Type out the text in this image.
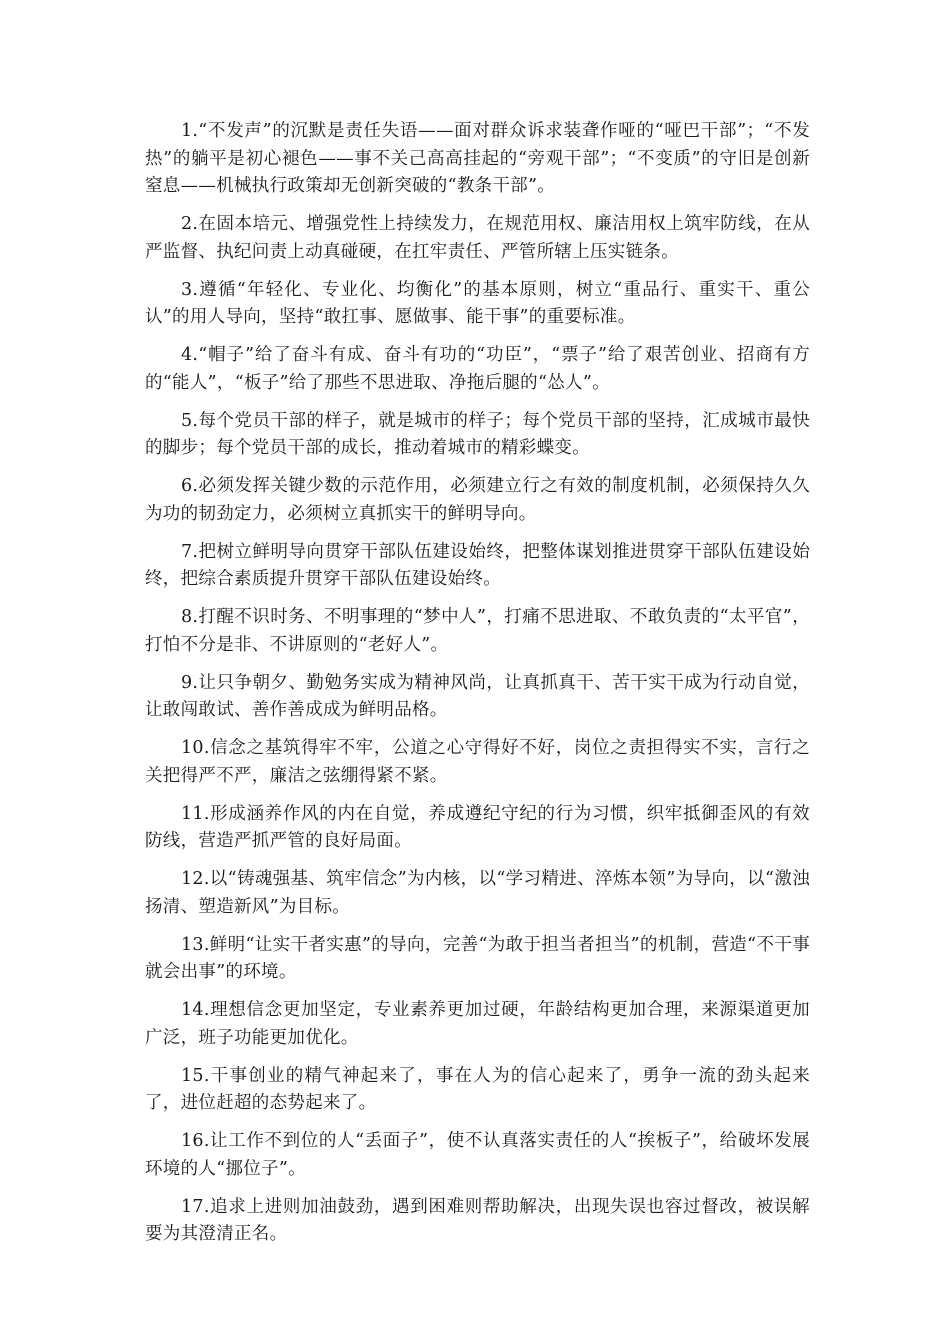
1.“不发声”的沉默是责任失语——面对群众诉求装聋作哑的“哑巴干部”；“不发热”的躺平是初心褪色——事不关己高高挂起的“旁观干部”；“不变质”的守旧是创新窒息——机械执行政策却无创新突破的“教条干部”。

2.在固本培元、增强党性上持续发力，在规范用权、廉洁用权上筑牢防线，在从严监督、执纪问责上动真碰硬，在扛牢责任、严管所辖上压实链条。

3.遵循“年轻化、专业化、均衡化”的基本原则，树立“重品行、重实干、重公认”的用人导向，坚持“敢扛事、愿做事、能干事”的重要标准。

4.“帽子”给了奋斗有成、奋斗有功的“功臣”，“票子”给了艰苦创业、招商有方的“能人”，“板子”给了那些不思进取、净拖后腿的“怂人”。

5.每个党员干部的样子，就是城市的样子；每个党员干部的坚持，汇成城市最快的脚步；每个党员干部的成长，推动着城市的精彩蝶变。

6.必须发挥关键少数的示范作用，必须建立行之有效的制度机制，必须保持久久为功的韧劲定力，必须树立真抓实干的鲜明导向。

7.把树立鲜明导向贯穿干部队伍建设始终，把整体谋划推进贯穿干部队伍建设始终，把综合素质提升贯穿干部队伍建设始终。

8.打醒不识时务、不明事理的“梦中人”，打痛不思进取、不敢负责的“太平官”，打怕不分是非、不讲原则的“老好人”。

9.让只争朝夕、勤勉务实成为精神风尚，让真抓真干、苦干实干成为行动自觉，让敢闯敢试、善作善成成为鲜明品格。

10.信念之基筑得牢不牢，公道之心守得好不好，岗位之责担得实不实，言行之关把得严不严，廉洁之弦绷得紧不紧。

11.形成涵养作风的内在自觉，养成遵纪守纪的行为习惯，织牢抵御歪风的有效防线，营造严抓严管的良好局面。

12.以“铸魂强基、筑牢信念”为内核，以“学习精进、淬炼本领”为导向，以“激浊扬清、塑造新风”为目标。

13.鲜明“让实干者实惠”的导向，完善“为敢于担当者担当”的机制，营造“不干事就会出事”的环境。

14.理想信念更加坚定，专业素养更加过硬，年龄结构更加合理，来源渠道更加广泛，班子功能更加优化。

15.干事创业的精气神起来了，事在人为的信心起来了，勇争一流的劲头起来了，进位赶超的态势起来了。

16.让工作不到位的人“丢面子”，使不认真落实责任的人“挨板子”，给破坏发展环境的人“挪位子”。

17.追求上进则加油鼓劲，遇到困难则帮助解决，出现失误也容过督改，被误解要为其澄清正名。
